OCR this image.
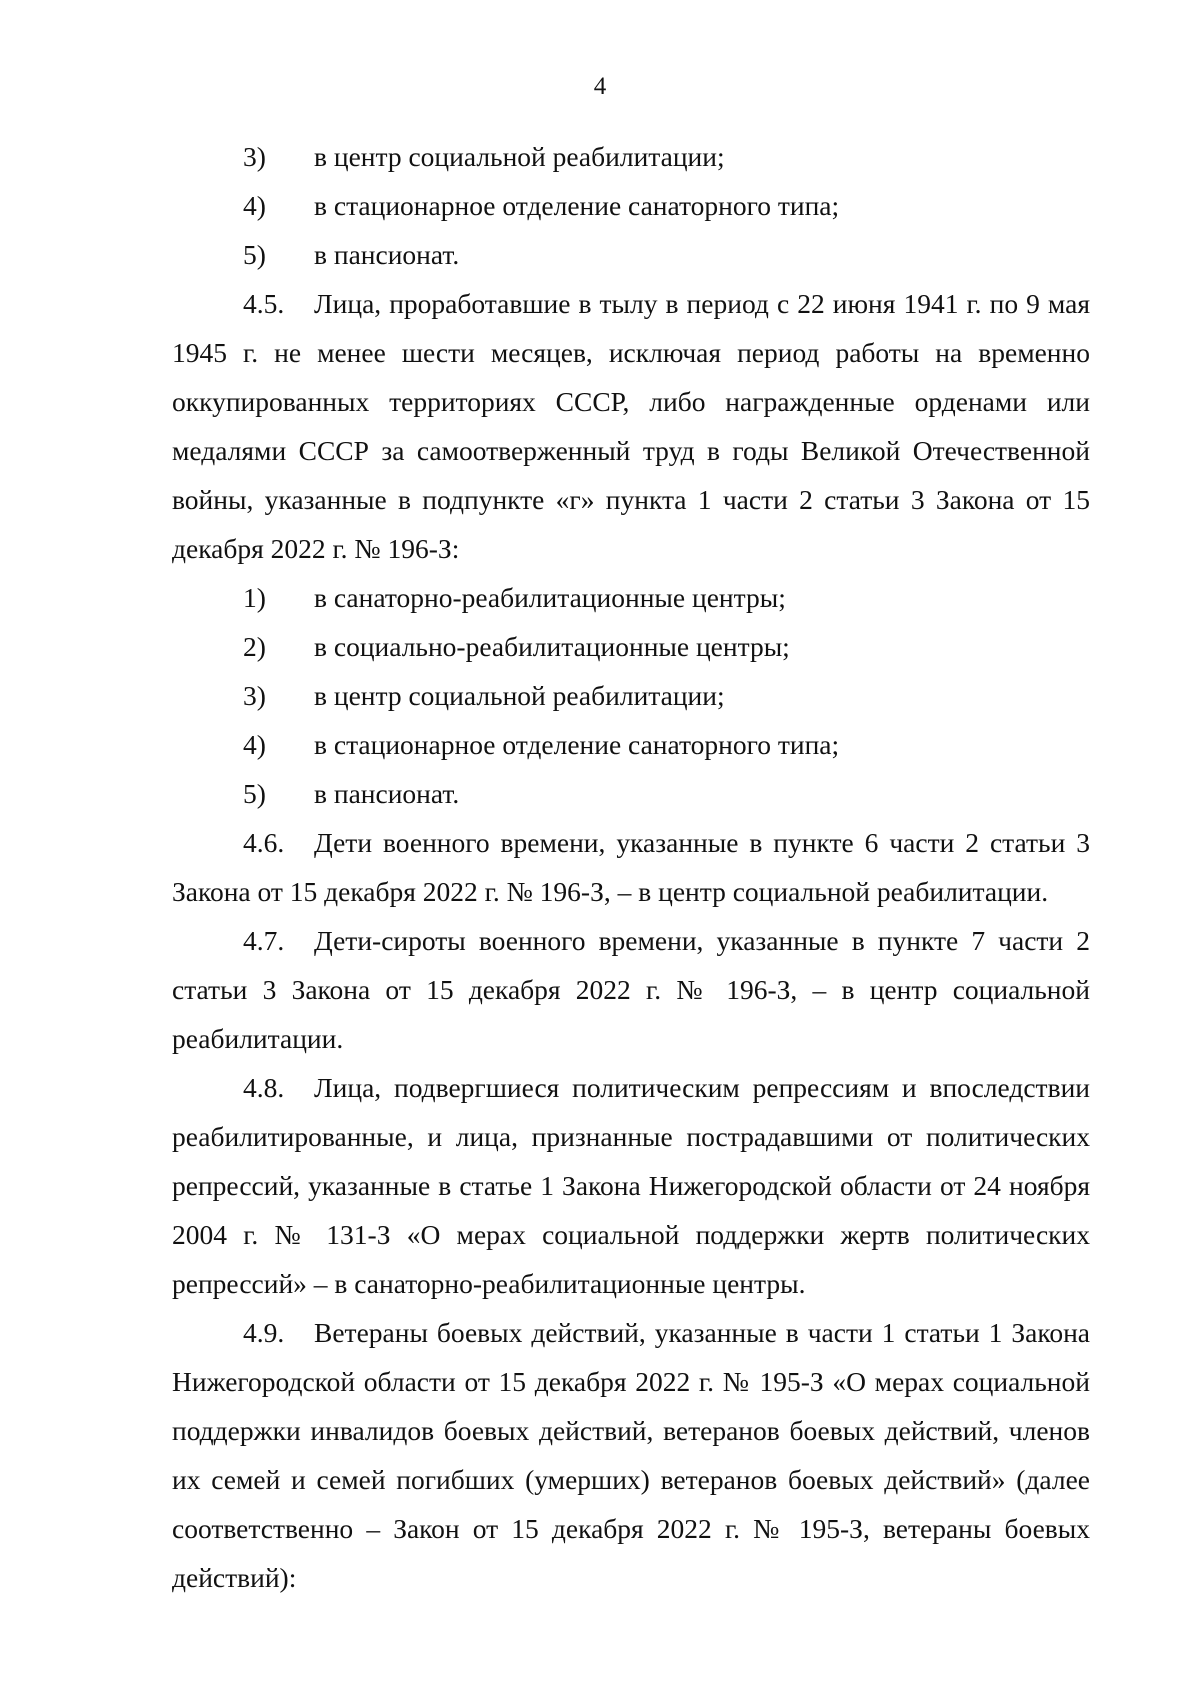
4
3) в центр социальной реабилитации;
4) в стационарное отделение санаторного типа;
5) в пансионат.
4.5. Лица, проработавшие в тылу в период с 22 июня 1941 г. по 9 мая 1945 г. не менее шести месяцев, исключая период работы на временно оккупированных территориях СССР, либо награжденные орденами или медалями СССР за самоотверженный труд в годы Великой Отечественной войны, указанные в подпункте «г» пункта 1 части 2 статьи 3 Закона от 15 декабря 2022 г. № 196-З:
1) в санаторно-реабилитационные центры;
2) в социально-реабилитационные центры;
3) в центр социальной реабилитации;
4) в стационарное отделение санаторного типа;
5) в пансионат.
4.6. Дети военного времени, указанные в пункте 6 части 2 статьи 3 Закона от 15 декабря 2022 г. № 196-З, – в центр социальной реабилитации.
4.7. Дети-сироты военного времени, указанные в пункте 7 части 2 статьи 3 Закона от 15 декабря 2022 г. № 196-З, – в центр социальной реабилитации.
4.8. Лица, подвергшиеся политическим репрессиям и впоследствии реабилитированные, и лица, признанные пострадавшими от политических репрессий, указанные в статье 1 Закона Нижегородской области от 24 ноября 2004 г. № 131-З «О мерах социальной поддержки жертв политических репрессий» – в санаторно-реабилитационные центры.
4.9. Ветераны боевых действий, указанные в части 1 статьи 1 Закона Нижегородской области от 15 декабря 2022 г. № 195-З «О мерах социальной поддержки инвалидов боевых действий, ветеранов боевых действий, членов их семей и семей погибших (умерших) ветеранов боевых действий» (далее соответственно – Закон от 15 декабря 2022 г. № 195-З, ветераны боевых действий):
